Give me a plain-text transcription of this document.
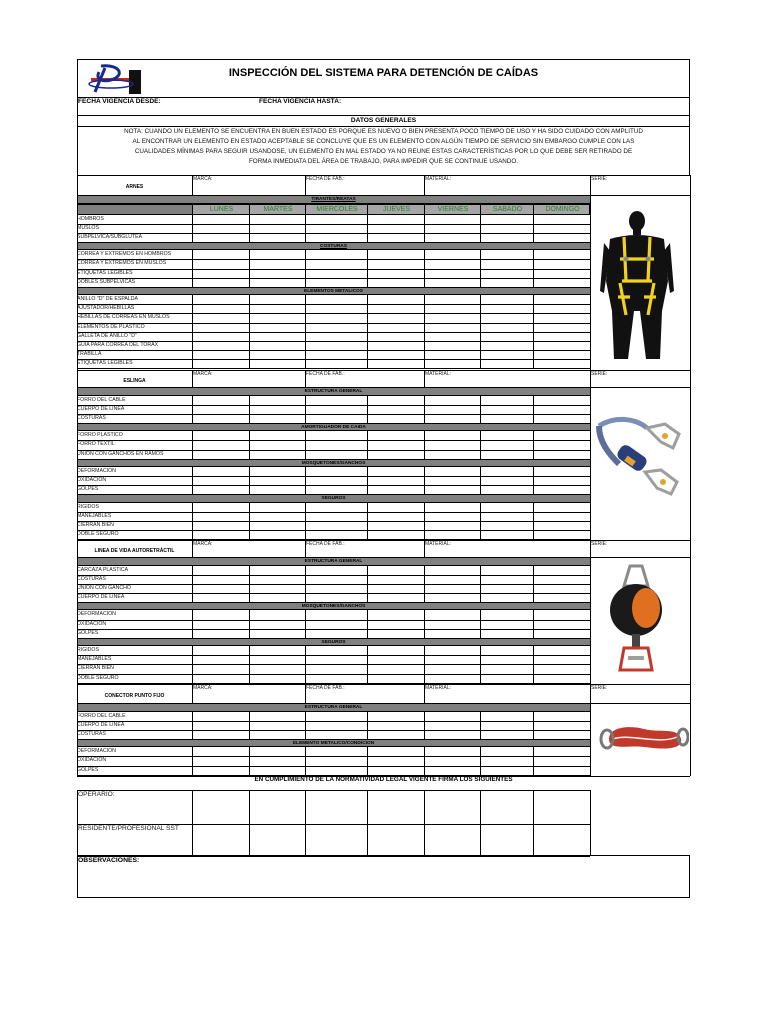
INSPECCIÓN DEL SISTEMA PARA DETENCIÓN DE CAÍDAS
FECHA VIGENCIA DESDE:	FECHA VIGENCIA HASTA:
DATOS GENERALES
NOTA: CUANDO UN ELEMENTO SE ENCUENTRA EN BUEN ESTADO ES PORQUE ES NUEVO O BIEN PRESENTA POCO TIEMPO DE USO Y HA SIDO CUIDADO CON AMPLITUD
AL ENCONTRAR UN ELEMENTO EN ESTADO ACEPTABLE SE CONCLUYE QUE ES UN ELEMENTO CON ALGÚN TIEMPO DE SERVICIO SIN EMBARGO CUMPLE CON LAS
CUALIDADES MÍNIMAS PARA SEGUIR USANDOSE, UN ELEMENTO EN MAL ESTADO YA NO REUNE ESTAS CARACTERÍSTICAS POR LO QUE DEBE SER RETIRADO DE
FORMA INMEDIATA DEL ÁREA DE TRABAJO, PARA IMPEDIR QUE SE CONTINUE USANDO.
ARNES
MARCA:	FECHA DE FAB.:	MATERIAL:	SERIE:
TIRANTES/REATAS
LUNES	MARTES	MIERCOLES	JUEVES	VIERNES	SABADO	DOMINGO
HOMBROS
MUSLOS
SUBPELVICA/SUBGLUTEA
COSTURAS
CORREA Y EXTREMOS EN HOMBROS
CORREA Y EXTREMOS EN MUSLOS
ETIQUETAS LEGIBLES
DOBLES SUBPELVICAS
ELEMENTOS METALICOS
ANILLO "D" DE ESPALDA
AJUSTADOR/HEBILLAS
HEBILLAS DE CORREAS EN MUSLOS
ELEMENTOS DE PLASTICO
GALLETA DE ANILLO "D"
GUIA PARA CORREA DEL TORAX
TRABILLA
ETIQUETAS LEGIBLES
ESLINGA
MARCA:	FECHA DE FAB.:	MATERIAL:	SERIE:
ESTRUCTURA GENERAL
FORRO DEL CABLE
CUERPO DE LINEA
COSTURAS
AMORTIGUADOR DE CAIDA
FORRO PLASTICO
FORRO TEXTIL
UNION CON GANCHOS EN RAMOS
MOSQUETONES/GANCHOS
DEFORMACION
OXIDACION
GOLPES
SEGUROS
RIGIDOS
MANEJABLES
CIERRAN BIEN
DOBLE SEGURO
LINEA DE VIDA AUTORETRÁCTIL
MARCA:	FECHA DE FAB.:	MATERIAL:	SERIE:
ESTRUCTURA GENERAL
CARCAZA PLASTICA
COSTURAS
UNION CON GANCHO
CUERPO DE LINEA
MOSQUETONES/GANCHOS
DEFORMACION
OXIDACION
GOLPES
SEGUROS
RIGIDOS
MANEJABLES
CIERRAN BIEN
DOBLE SEGURO
CONECTOR PUNTO FIJO
MARCA:	FECHA DE FAB.:	MATERIAL:	SERIE:
ESTRUCTURA GENERAL
FORRO DEL CABLE
CUERPO DE LINEA
COSTURAS
ELEMENTO METALICO/CONDICION
DEFORMACION
OXIDACION
GOLPES
EN CUMPLIMIENTO DE LA NORMATIVIDAD LEGAL VIGENTE FIRMA LOS SIGUIENTES
OPERARIO:
RESIDENTE/PROFESIONAL SST
OBSERVACIONES:
